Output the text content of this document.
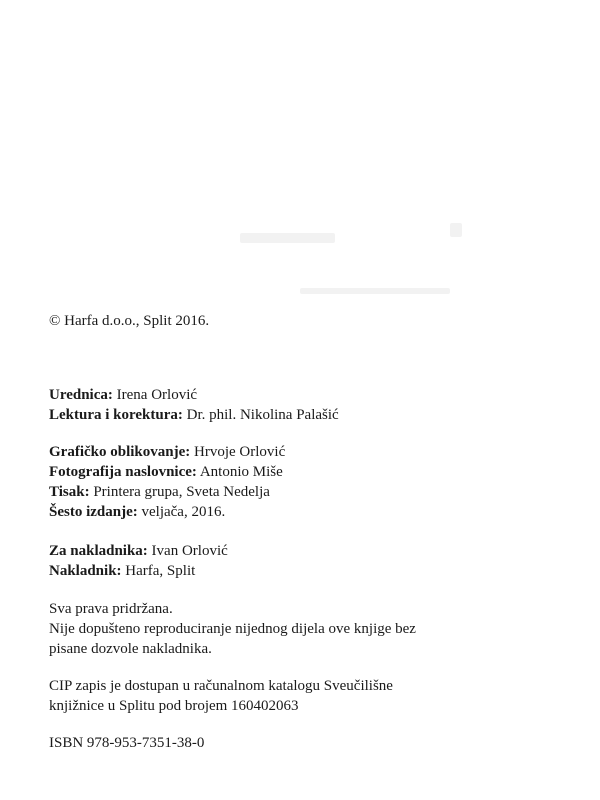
© Harfa d.o.o., Split 2016.
Urednica: Irena Orlović
Lektura i korektura: Dr. phil. Nikolina Palašić
Grafičko oblikovanje: Hrvoje Orlović
Fotografija naslovnice: Antonio Miše
Tisak: Printera grupa, Sveta Nedelja
Šesto izdanje: veljača, 2016.
Za nakladnika: Ivan Orlović
Nakladnik: Harfa, Split
Sva prava pridržana.
Nije dopušteno reproduciranje nijednog dijela ove knjige bez
pisane dozvole nakladnika.
CIP zapis je dostupan u računalnom katalogu Sveučilišne
knjižnice u Splitu pod brojem 160402063
ISBN 978-953-7351-38-0
